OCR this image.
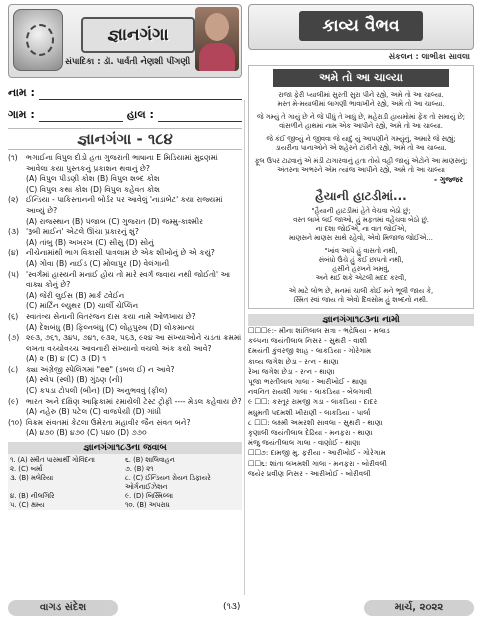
જ્ઞાનગંગા
સંપાદિકા : ડૉ. પાર્વતી નેણશી પીંગણી
નામ :
ગામ :	હાલ :
જ્ઞાનગંગા - ૧૮૪
(૧)	ભગાઈના વિપુલ દોડો હતા ગુજરાતી ભાષાના E મિડિયામાં મુદ્રણમાં આવેલા કયા પુસ્તકનું પ્રકાશન થવાનું છે?
(A) વિપુલ પીડણી કોશ (B) વિપુલ શબ્દ કોશ
(C) વિપુલ કથા કોશ (D) વિપુલ કહેવત કોશ
(૨)	ઈન્ડિયા - પાકિસ્તાનની બોર્ડર પર આવેલું 'નાડાબેટ' કયા રાજ્યમાં આવ્યું છે?
(A) રાજસ્થાન (B) પંજાબ (C) ગુજરાત (D) જમ્મુ-કાશ્મીર
(૩) 'રૂબી માઈન' એટલે ઊંચા પ્રકારનું શું?
(A) તાંબુ (B) અખરખ (C) સીસુ (D) સોનું
(૪) નીચેનામાંથી ભાગ વિકાસી પાત્રલામ છે એક શીખોનું છે એ કયું?
(A) ગોવા (B) નાઈડ (C) મોલાપુર (D) વેલંગાની
(૫) 'સ્વર્ગમાં હાસ્યની મનાઈ હોય તો મારે સ્વર્ગ જવાય નથી જોઈતો' આ વાક્ય કોનું છે?
(A) જેરી લુઈસ (B) માર્ક ટ્વેઈન
(C) માર્ટિન લ્યુથર (D) ચાર્લી ચેપ્લિન
(૬)	સ્વાતંત્ર્ય સેનાની વિતરંજન દાસ કયા નામે ઓળખાય છે?
(A) દેશબંધુ (B) ફિલ્નબંધુ (C) લોહપુરુષ (D) લોકમાન્ય
(૭) ૨૯૩, ૭૬૧, ૩૪૫, ૭૪૧, ૯૩૨, ૫૬૩, ૯૨૪ આ સંખ્યાઓને ચડતા ક્રમમાં લખતા વચ્ચોવચ્ચ આવનારી સંખ્યાનો વચલો અંક કયો આવે?
(A) ૨ (B) ૪ (C) ૩ (D) ૧
(૮)	ક્યા અંગ્રેજી સ્પેલિંગમાં "ee" (ડબલ ઈ) ન આવે?
(A) સ્લેપ (સ્લી) (B) ગુંઠણ (ની)
(C) કપડા ટોપલી (બીન) (D) અનુભવવું (ફીલ)
(૯) ભારત અને દક્ષિણ આફ્રિકામાં રમાયેલી ટેસ્ટ ટ્રોફી ---- મેડલ કહેવાય છે?
(A) નહેરુ (B) પટેલ (C) વાજપેયી (D) ગાંધી
(૧૦) વિક્રમ સંવતમાં કેટલા ઉમેરતા મહાવીર જૈન સંવત બને?
(A) ૪૭૦ (B) ૪૭૦ (C) ૫૪૦ (D) ૭૭૦
જ્ઞાનગંગા૧૮૩ના જવાબ
૧. (A) સ્મીત પારમાર્થી ગોવિંદના	૬. (B) શાલિવાહન
૨. (C) બર્મા	૭. (B) ૨૧
૩. (B) મલેરિયા	૮. (C) ઈન્ડિયન ગ્રેયન ડિફાયરે ઓર્ગનાઈઝેશન
૪. (B) નીલગિરિ	૯. (D) બિસ્મિલ્લા
૫. (C) ક્ષમ્ય	૧૦. (B) અપરાધ
કાવ્ય વૈભવ
સંકલન : લાભીકા સાવલા
અમે તો આ ચાલ્યા
રાજા ફેરી પ્યાલીમાં સુરતી સુરા પીને રહ્યે, અમે તો આ ચાલ્યા.
મસ્ત મે-મયાલીમાં લાગણી ભાવાખીને રહ્યે, અમે તો આ ચાલ્યા.
જે ગમ્યું તે ગાયું છે ને જે પીધું તે ખાધું છે, મહેરાડી હાયમોમાં ફેંક તો સમાયું છે;
વાંસળીને હાથમાં નામ એક આપીને રહ્યે, અમે તો આ ચાલ્યા.
જે કંઈ જીવ્યું ને જીવવા જે યાદું યું આપણીને ગમ્યુંનું, અમારે જે સહ્યું;
ડાયરીના પાનાઓને એ શહેરને ટાંકીને રહ્યે, અમે તો આ ચાલ્યા.
ફૂલ ઉપર ટાઢવાનું એ મંડી ટાગારવાનું હતા તોયે વહી જાયું એટોને આ માણસનું;
અંતરના અભરને એમ ત્યાંજ આપીને રહ્યે, અમે તો આ ચાલ્યા
- ગુજ્જર
હૈયાની હાટડીમાં...
"હૈયાની હાટડીમાં હેતે વેચવા બેઠો છું;
વસ્ત લાખે લઈ જાઓ, હું મફતમાં વહેંચવા બેઠો છું.
ના દશા જોઈએ, ના વાત જોઈએ,
માણસને માણસ સાથે રહેવો, એવો મિજાજ જોઈએ...
"ખાંવ આપે હું વાસતો નથી,
સંબંધો ઉંચે હું કંઈ છાપતો નથી,
હસીને હરખને ખમવું,
અને થઈ શકે એટલી મદદ કરવી,
એ માટે લોભ છે, મનમાં ચાલી કોઈ મને ભૂલી જાય કે,
સ્મિત સ્વાં જાય તો એવો દિવસોમ હું શબ્દનો નથી.
જ્ઞાનગંગા૧૮૩ના નામો
☐☐☐૯:- મીના શાંતિલાલ સત્રા - ભદ્રેષિયા - મલાડ
કલ્પના જયંતીલાલ નિસર - સુથરી - વાશી
દમયંતી કુંવરજી શાહ - લાકડિયા - ગોરેગામ
કાવ્ય જગેશ છેડા - રત્ન - થાણા
રેખા જગેશ છેડા - રત્ન - થાણા
પૂજા ભરતીલાલ ગાલા - આરીખોઈ - થાણા
નવનિત રાયશી ગાલા - લાકડિયા - બેલગાવી
૯ ☐☐: કસ્તૂર રામજી ગડા - લાકડિયા - દાદર
મધુમતી પદમશી ખીરાણી - લાકડિયા - પાર્લા
૮ ☐☐: લક્ષ્મી અમરશી સાવલા - સુથરી - થાણા
કૃણાલી જયંતીલાલ દેઢિયા - મનફરા - થાણા
મંજુ જયંતીલાલ ગાલા - વાણોઈ - થાણા
☐☐૭: દામજી મુ. ફરીયા - આરીખોઈ - ગોરેગામ
☐☐૬: શાંતા લખમશી ગાલા - મનફરા - બોરીવલી
જયેર પ્રવીણ નિસર - આરીખોઈ - બોરીવલી
વાગડ સંદેશ	(૧૩)	માર્ચ, ૨૦૨૨
